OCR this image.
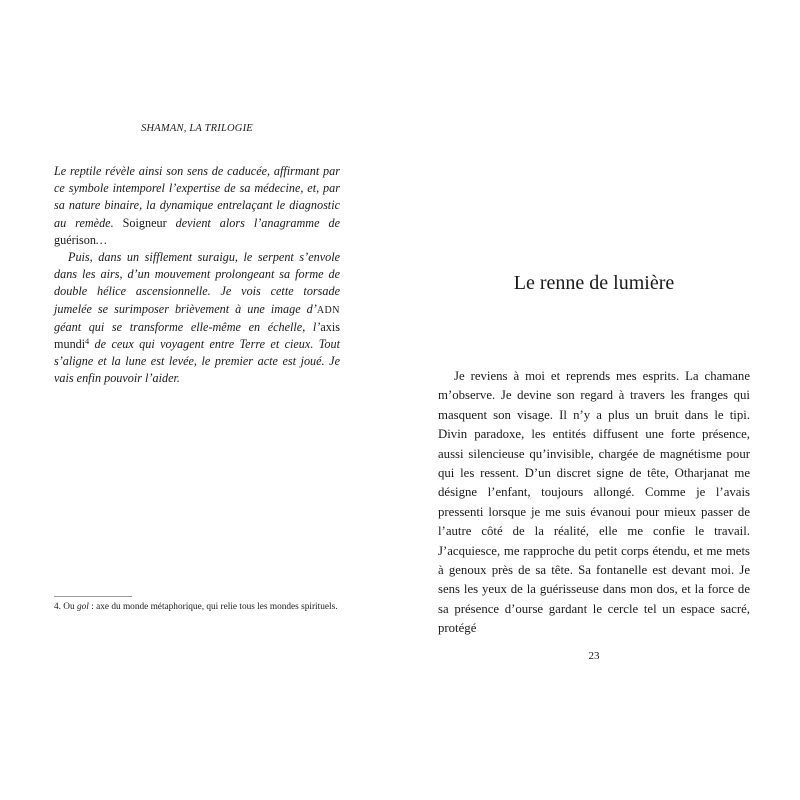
SHAMAN, LA TRILOGIE

Le reptile révèle ainsi son sens de caducée, affirmant par ce symbole intemporel l’expertise de sa médecine, et, par sa nature binaire, la dynamique entrelaçant le diagnostic au remède. Soigneur devient alors l’anagramme de guérison…

Puis, dans un sifflement suraigu, le serpent s’envole dans les airs, d’un mouvement prolongeant sa forme de double hélice ascensionnelle. Je vois cette torsade jumelée se surimposer brièvement à une image d’ADN géant qui se transforme elle-même en échelle, l’axis mundi$^4$ de ceux qui voyagent entre Terre et cieux. Tout s’aligne et la lune est levée, le premier acte est joué. Je vais enfin pouvoir l’aider.

4. Ou gol : axe du monde métaphorique, qui relie tous les mondes spirituels.
Le renne de lumière

Je reviens à moi et reprends mes esprits. La chamane m’observe. Je devine son regard à travers les franges qui masquent son visage. Il n’y a plus un bruit dans le tipi. Divin paradoxe, les entités diffusent une forte présence, aussi silencieuse qu’invisible, chargée de magnétisme pour qui les ressent. D’un discret signe de tête, Otharjanat me désigne l’enfant, toujours allongé. Comme je l’avais pressenti lorsque je me suis évanoui pour mieux passer de l’autre côté de la réalité, elle me confie le travail. J’acquiesce, me rapproche du petit corps étendu, et me mets à genoux près de sa tête. Sa fontanelle est devant moi. Je sens les yeux de la guérisseuse dans mon dos, et la force de sa présence d’ourse gardant le cercle tel un espace sacré, protégé

23
